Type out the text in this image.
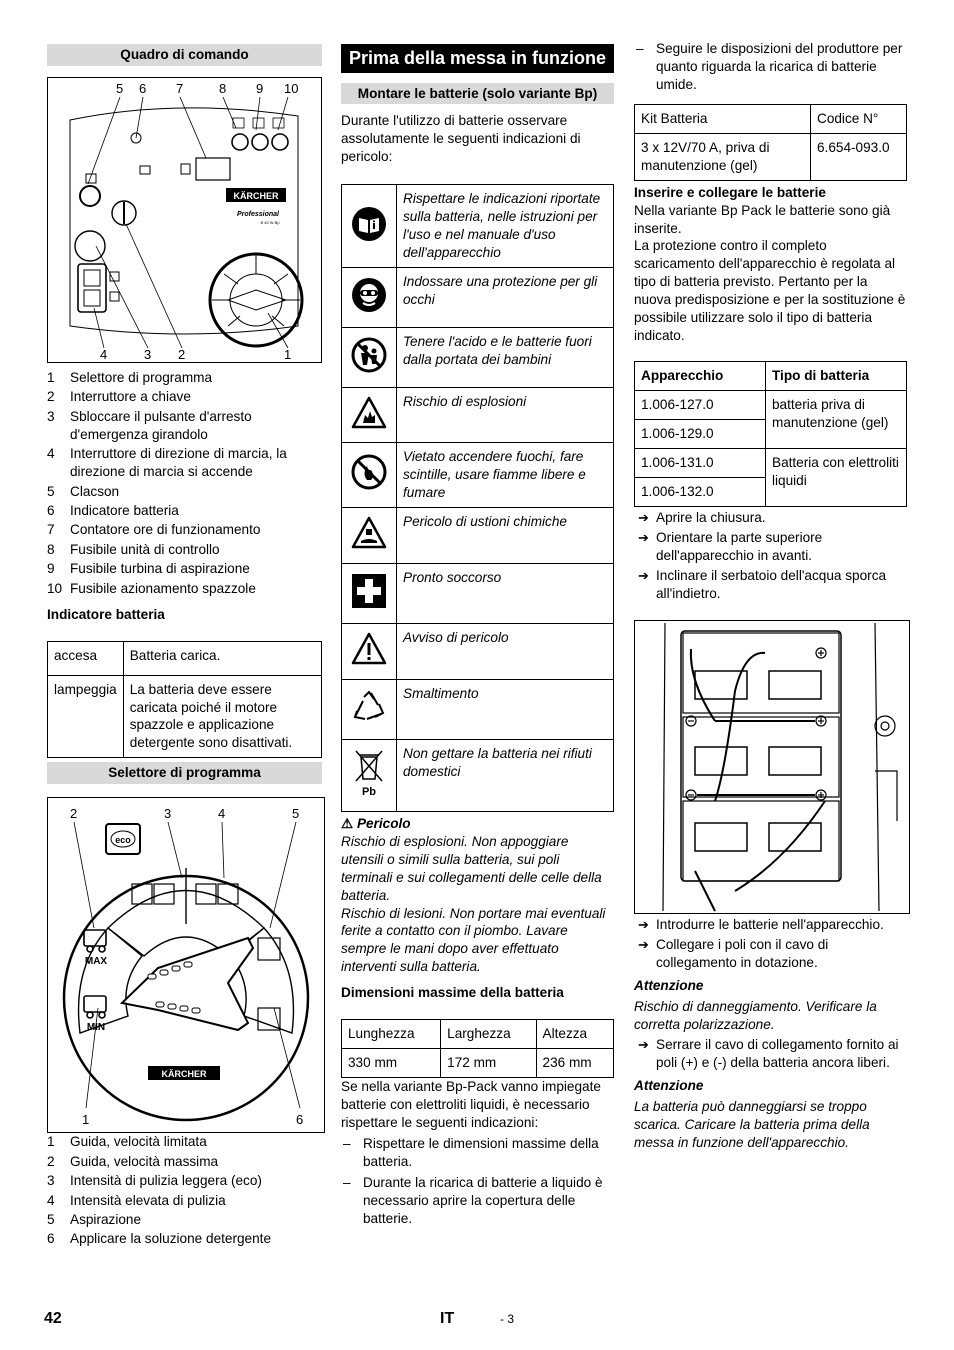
Quadro di comando
5 6 7	8 9 10
KÄRCHER
Professional
B 40 W Bp
4	3 2	1
1 Selettore di programma
2 Interruttore a chiave
3 Sbloccare il pulsante d'arresto d'emergenza girandolo
4 Interruttore di direzione di marcia, la direzione di marcia si accende
5 Clacson
6 Indicatore batteria
7 Contatore ore di funzionamento
8 Fusibile unità di controllo
9 Fusibile turbina di aspirazione
10 Fusibile azionamento spazzole
Indicatore batteria
accesa	Batteria carica.
lampeggia	La batteria deve essere caricata poiché il motore spazzole e applicazione detergente sono disattivati.
Selettore di programma
2	3	4	5
eco
MAX
MIN
KÄRCHER
1	6
1 Guida, velocità limitata
2 Guida, velocità massima
3 Intensità di pulizia leggera (eco)
4 Intensità elevata di pulizia
5 Aspirazione
6 Applicare la soluzione detergente
Prima della messa in funzione
Montare le batterie (solo variante Bp)

Durante l'utilizzo di batterie osservare assolutamente le seguenti indicazioni di pericolo:

	Rispettare le indicazioni riportate sulla batteria, nelle istruzioni per l'uso e nel manuale d'uso dell'apparecchio
	Indossare una protezione per gli occhi
	Tenere l'acido e le batterie fuori dalla portata dei bambini
	Rischio di esplosioni
	Vietato accendere fuochi, fare scintille, usare fiamme libere e fumare
	Pericolo di ustioni chimiche
	Pronto soccorso
	Avviso di pericolo
	Smaltimento

Pb	Non gettare la batteria nei rifiuti domestici

⚠ Pericolo

Rischio di esplosioni. Non appoggiare utensili o simili sulla batteria, sui poli terminali e sui collegamenti delle celle della batteria.

Rischio di lesioni. Non portare mai eventuali ferite a contatto con il piombo. Lavare sempre le mani dopo aver effettuato interventi sulla batteria.

Dimensioni massime della batteria
Lunghezza	Larghezza	Altezza
330 mm	172 mm	236 mm

Se nella variante Bp-Pack vanno impiegate batterie con elettroliti liquidi, è necessario rispettare le seguenti indicazioni:

– Rispettare le dimensioni massime della batteria.
– Durante la ricarica di batterie a liquido è necessario aprire la copertura delle batterie.
– Seguire le disposizioni del produttore per quanto riguarda la ricarica di batterie umide.
Kit Batteria	Codice N°
3 x 12V/70 A, priva di manutenzione (gel)	6.654-093.0
Inserire e collegare le batterie

Nella variante Bp Pack le batterie sono già inserite.

La protezione contro il completo scaricamento dell'apparecchio è regolata al tipo di batteria previsto. Pertanto per la nuova predisposizione e per la sostituzione è possibile utilizzare solo il tipo di batteria indicato.

Apparecchio	Tipo di batteria
1.006-127.0	batteria priva di manutenzione (gel)
1.006-129.0	
1.006-131.0	Batteria con elettroliti liquidi
1.006-132.0	
➔ Aprire la chiusura.
➔ Orientare la parte superiore dell'apparecchio in avanti.
➔ Inclinare il serbatoio dell'acqua sporca all'indietro.
➔ Introdurre le batterie nell'apparecchio.
➔ Collegare i poli con il cavo di collegamento in dotazione.

Attenzione

Rischio di danneggiamento. Verificare la corretta polarizzazione.

➔ Serrare il cavo di collegamento fornito ai poli (+) e (-) della batteria ancora liberi.

Attenzione

La batteria può danneggiarsi se troppo scarica. Caricare la batteria prima della messa in funzione dell'apparecchio.

42	IT	- 3
